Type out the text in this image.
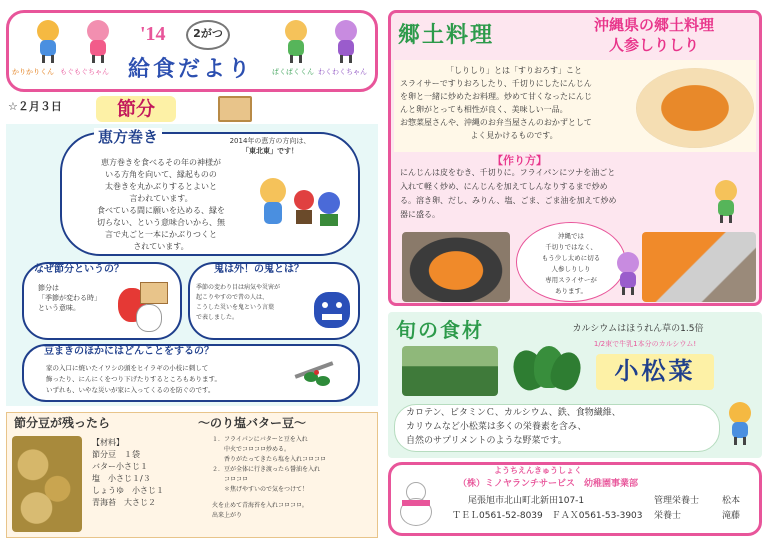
'14	2がつ
給食だより
かりかりくん もぐもぐちゃん	ぱくぱくくん わくわくちゃん
☆２月３日	節分
恵方巻き	2014年の恵方の方向は、
「東北東」です！
恵方巻きを食べるその年の神様が
いる方角を向いて、縁起ものの
太巻きを丸かぶりするとよいと
言われています。
食べている間に願いを込める、縁を
切らない、という意味合いから、無
言で丸ごと一本にかぶりつくと
されています。
なぜ節分というの？
節分は
「季節が変わる時」
という意味。
鬼は外！の鬼とは？
季節の変わり目は病気や災害が
起こりやすので昔の人は、
こうした災いを鬼という言葉
で表しました。
豆まきのほかにはどんことをするの？
家の入口に焼いたイワシの頭をヒイラギの小枝に刺して
飾ったり、にんにくをつり下げたりするところもあります。
いずれも、いやな災いが家に入ってくるのを防ぐのです。
節分豆が残ったら	～のり塩バター豆～
【材料】
節分豆　１袋
バター小さじ１
塩　小さじ１/３
しょうゆ　小さじ１
青海苔　大さじ２
１．フライパンにバターと豆を入れ
　　中火でコロコロ炒める。
　　香りがたってきたら塩を入れコロコロ
２．豆が全体に行き渡ったら醤油を入れ
　　コロコロ
　　＊焦げやすいので気をつけて！
火を止めて青海苔を入れコロコロ。
出来上がり
郷土料理	沖縄県の郷土料理
人参しりしり
「しりしり」とは「すりおろす」こと
スライサーですりおろしたり、千切りにしたにんじん
を卵と一緒に炒めたお料理。炒めて甘くなったにんじ
んと卵がとっても相性が良く、美味しい一品。
お惣菜屋さんや、沖縄のお弁当屋さんのおかずとして
よく見かけるものです。
【作り方】
にんじんは皮をむき、千切りに。フライパンにツナを油ごと
入れて軽く炒め、にんじんを加えてしんなりするまで炒め
る。溶き卵、だし、みりん、塩、ごま、ごま油を加えて炒め
器に盛る。
沖縄では
千切りではなく、
もう少し太めに切る
人参しりしり
専用スライサーが
あります。
旬の食材	カルシウムはほうれん草の1.5倍
1/2束で牛乳1本分のカルシウム!
小松菜
カロテン、ビタミンＣ、カルシウム、鉄、食物繊維、
カリウムなど小松菜は多くの栄養素を含み、
自然のサプリメントのような野菜です。
ようちえんきゅうしょく
（株）ミノヤランチサービス　幼稚園事業部
尾張旭市北山町北新田107-1
ＴＥＬ0561-52-8039　ＦＡＸ0561-53-3903
管理栄養士	松本
栄養士	滝藤
